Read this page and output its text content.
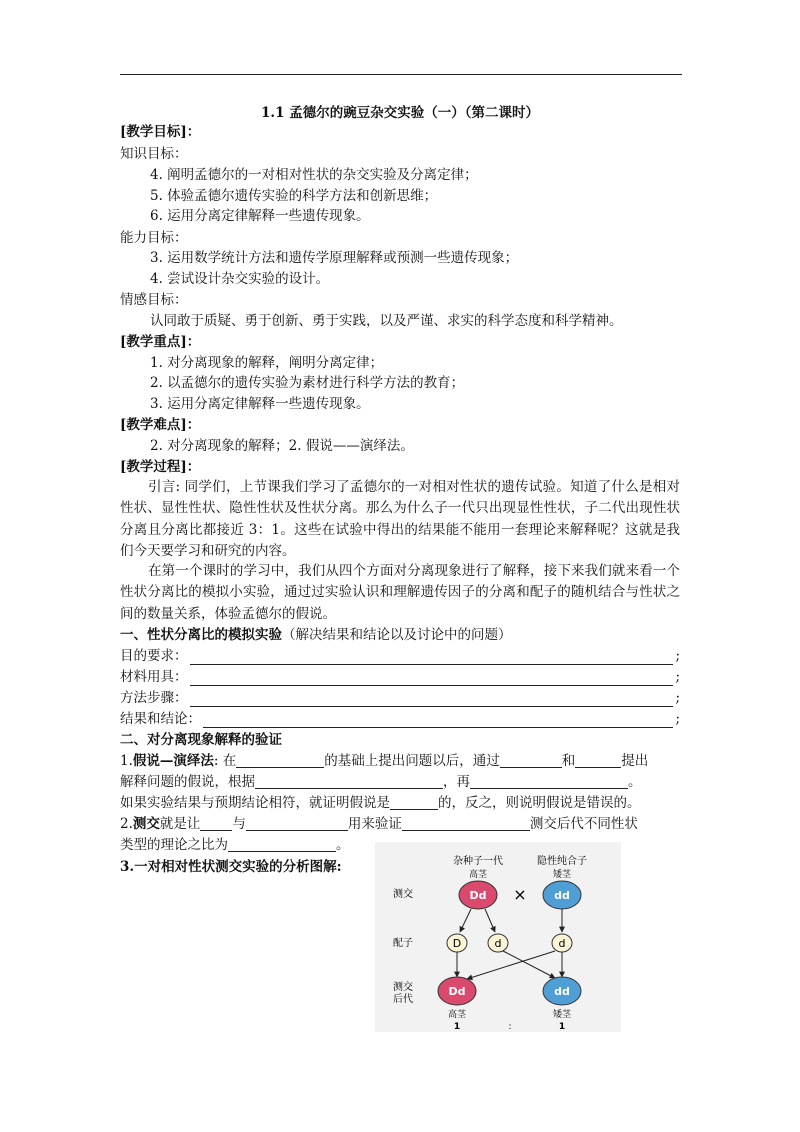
1.1 孟德尔的豌豆杂交实验（一）（第二课时）
[教学目标]：
知识目标：
4. 阐明孟德尔的一对相对性状的杂交实验及分离定律；
5. 体验孟德尔遗传实验的科学方法和创新思维；
6. 运用分离定律解释一些遗传现象。
能力目标：
3. 运用数学统计方法和遗传学原理解释或预测一些遗传现象；
4. 尝试设计杂交实验的设计。
情感目标：
认同敢于质疑、勇于创新、勇于实践，以及严谨、求实的科学态度和科学精神。
[教学重点]：
1. 对分离现象的解释，阐明分离定律；
2. 以孟德尔的遗传实验为素材进行科学方法的教育；
3. 运用分离定律解释一些遗传现象。
[教学难点]：
2. 对分离现象的解释；2. 假说——演绎法。
[教学过程]：
引言: 同学们，上节课我们学习了孟德尔的一对相对性状的遗传试验。知道了什么是相对性状、显性性状、隐性性状及性状分离。那么为什么子一代只出现显性性状，子二代出现性状分离且分离比都接近 3：1。这些在试验中得出的结果能不能用一套理论来解释呢？这就是我们今天要学习和研究的内容。
在第一个课时的学习中，我们从四个方面对分离现象进行了解释，接下来我们就来看一个性状分离比的模拟小实验，通过过实验认识和理解遗传因子的分离和配子的随机结合与性状之间的数量关系，体验孟德尔的假说。
一、性状分离比的模拟实验（解决结果和结论以及讨论中的问题）
目的要求：	;
材料用具：	;
方法步骤：	;
结果和结论：	;
二、对分离现象解释的验证
1.假说—演绎法: 在	的基础上提出问题以后，通过	和	提出
解释问题的假说，根据	，再	。
如果实验结果与预期结论相符，就证明假说是	的，反之，则说明假说是错误的。
2.测交就是让 与	用来验证	测交后代不同性状
类型的理论之比为	。
3.一对相对性状测交实验的分析图解:	杂种子一代	隐性纯合子
高茎	矮茎
测交
配子
测交
后代
Dd × dd
D	d	d
Dd	dd
高茎	矮茎
1	:	1
